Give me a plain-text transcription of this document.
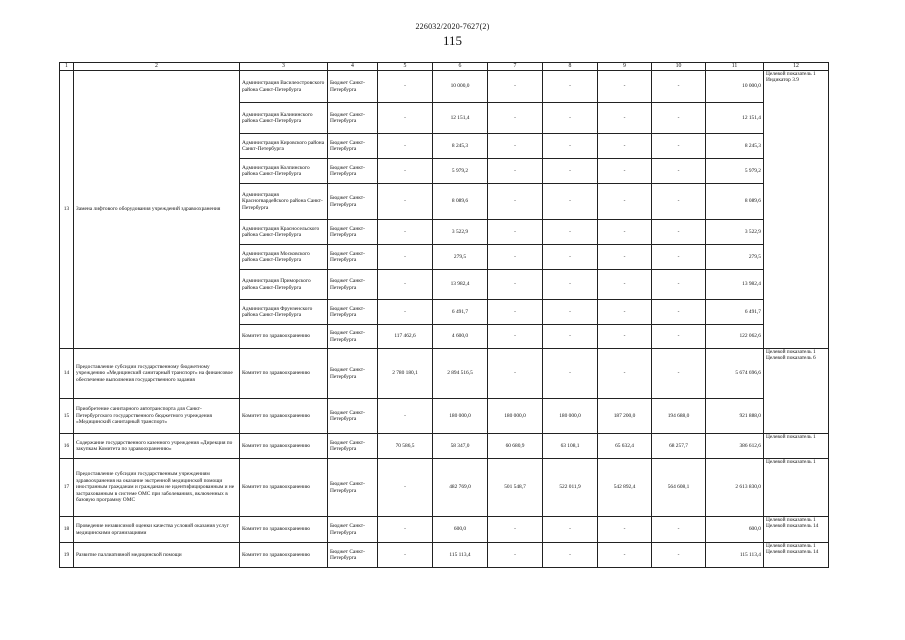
226032/2020-7627(2)
115
1	2	3	4	5	6	7	8	9	10	11	12
13	Замена лифтового оборудования учреждений здравоохранения	Администрация Василеостровского района Санкт-Петербурга	Бюджет Санкт-Петербурга	-	10 000,0	-	-	-	-	10 000,0	Целевой показатель 1
Индикатор 3.9

		Администрация Калининского района Санкт-Петербурга	Бюджет Санкт-Петербурга	-	12 151,4	-	-	-	-	12 151,4	
		Администрация Кировского района Санкт-Петербурга	Бюджет Санкт-Петербурга	-	8 245,3	-	-	-	-	8 245,3	
		Администрация Колпинского района Санкт-Петербурга	Бюджет Санкт-Петербурга	-	5 979,2	-	-	-	-	5 979,2	
		Администрация Красногвардейского района Санкт-Петербурга	Бюджет Санкт-Петербурга	-	8 089,6	-	-	-	-	8 089,6	
		Администрация Красносельского района Санкт-Петербурга	Бюджет Санкт-Петербурга	-	3 522,9	-	-	-	-	3 522,9	
		Администрация Московского района Санкт-Петербурга	Бюджет Санкт-Петербурга	-	279,5	-	-	-	-	279,5	
		Администрация Приморского района Санкт-Петербурга	Бюджет Санкт-Петербурга	-	13 982,4	-	-	-	-	13 982,4	
		Администрация Фрунзенского района Санкт-Петербурга	Бюджет Санкт-Петербурга	-	6 491,7	-	-	-	-	6 491,7	
		Комитет по здравоохранению	Бюджет Санкт-Петербурга	117 462,6	4 600,0	-	-	-	-	122 062,6	
14	Предоставление субсидии государственному бюджетному учреждению «Медицинский санитарный транспорт» на финансовое обеспечение выполнения государственного задания	Комитет по здравоохранению	Бюджет Санкт-Петербурга	2 780 180,1	2 894 516,5	-	-	-	-	5 674 696,6	Целевой показатель 1
Целевой показатель 6

15	Приобретение санитарного автотранспорта для Санкт-Петербургского государственного бюджетного учреждения «Медицинский санитарный транспорт»	Комитет по здравоохранению	Бюджет Санкт-Петербурга	-	180 000,0	180 000,0	180 000,0	187 200,0	194 688,0	921 888,0	
16	Содержание государственного казенного учреждения «Дирекция по закупкам Комитета по здравоохранению»	Комитет по здравоохранению	Бюджет Санкт-Петербурга	70 586,5	58 347,0	60 680,9	63 108,1	65 632,4	68 257,7	386 612,6	Целевой показатель 1

17	Предоставление субсидии государственным учреждениям здравоохранения на оказание экстренной медицинской помощи иностранным гражданам и гражданам не идентифицированным и не застрахованным в системе ОМС при заболеваниях, включенных в базовую программу ОМС	Комитет по здравоохранению	Бюджет Санкт-Петербурга	-	482 769,0	501 548,7	522 011,9	542 892,4	564 608,1	2 613 830,0	Целевой показатель 1

18	Проведение независимой оценки качества условий оказания услуг медицинскими организациями	Комитет по здравоохранению	Бюджет Санкт-Петербурга	-	600,0	-	-	-	-	600,0	Целевой показатель 1
Целевой показатель 14

19	Развитие паллиативной медицинской помощи	Комитет по здравоохранению	Бюджет Санкт-Петербурга	-	115 113,4	-	-	-	-	115 113,4	Целевой показатель 1
Целевой показатель 14
